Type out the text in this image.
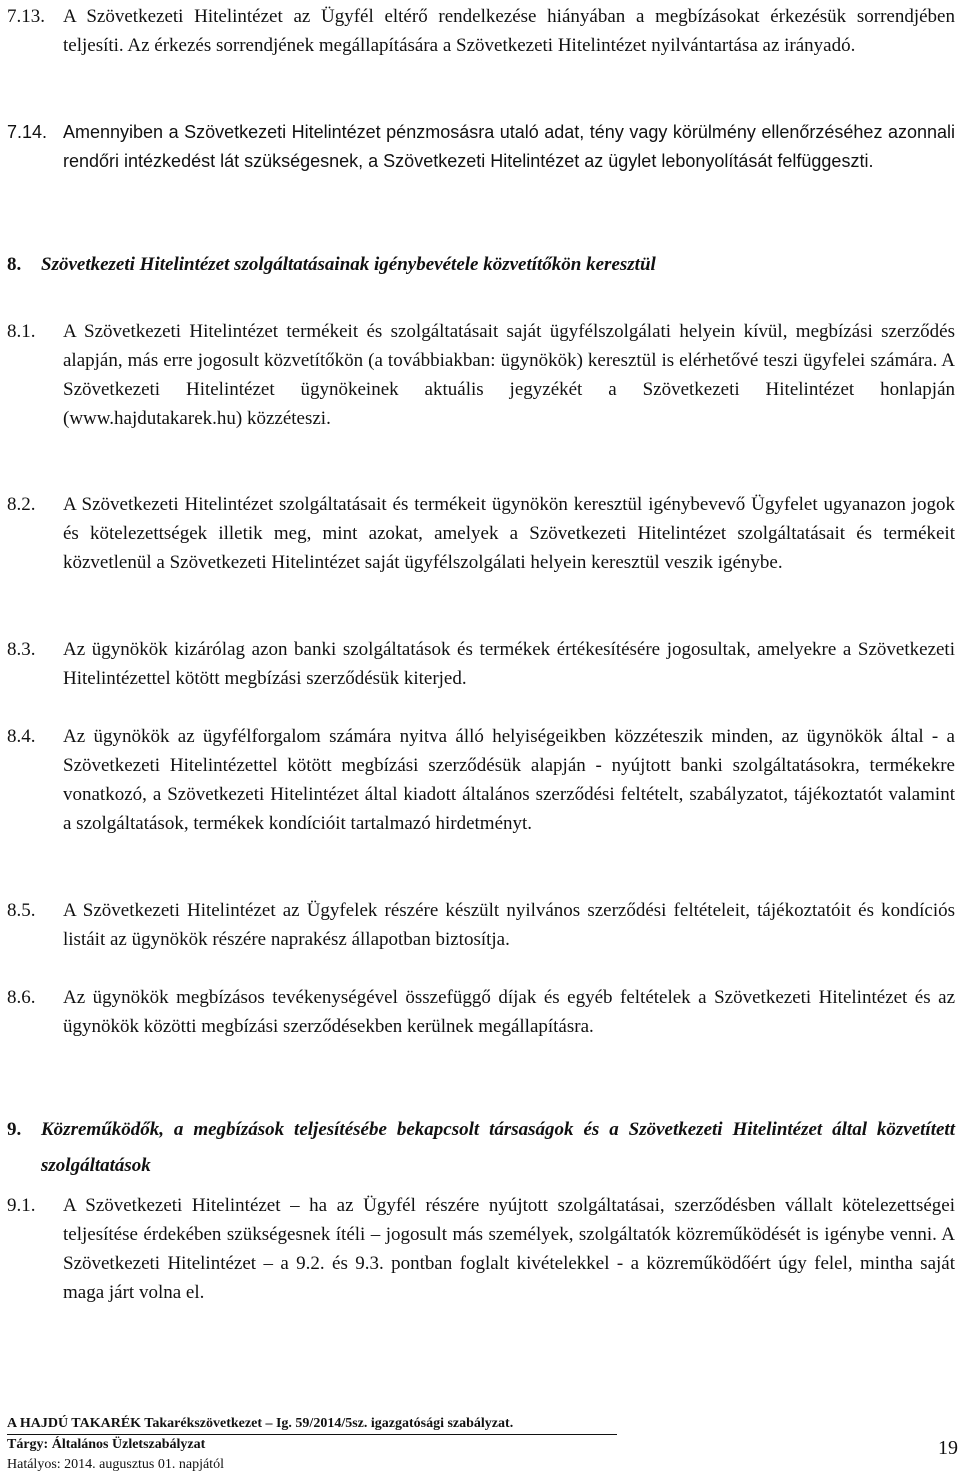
7.13. A Szövetkezeti Hitelintézet az Ügyfél eltérő rendelkezése hiányában a megbízásokat érkezésük sorrendjében teljesíti. Az érkezés sorrendjének megállapítására a Szövetkezeti Hitelintézet nyilvántartása az irányadó.
7.14. Amennyiben a Szövetkezeti Hitelintézet pénzmosásra utaló adat, tény vagy körülmény ellenőrzéséhez azonnali rendőri intézkedést lát szükségesnek, a Szövetkezeti Hitelintézet az ügylet lebonyolítását felfüggeszti.
8. Szövetkezeti Hitelintézet szolgáltatásainak igénybevétele közvetítőkön keresztül
8.1. A Szövetkezeti Hitelintézet termékeit és szolgáltatásait saját ügyfélszolgálati helyein kívül, megbízási szerződés alapján, más erre jogosult közvetítőkön (a továbbiakban: ügynökök) keresztül is elérhetővé teszi ügyfelei számára. A Szövetkezeti Hitelintézet ügynökeinek aktuális jegyzékét a Szövetkezeti Hitelintézet honlapján (www.hajdutakarek.hu) közzéteszi.
8.2. A Szövetkezeti Hitelintézet szolgáltatásait és termékeit ügynökön keresztül igénybevevő Ügyfelet ugyanazon jogok és kötelezettségek illetik meg, mint azokat, amelyek a Szövetkezeti Hitelintézet szolgáltatásait és termékeit közvetlenül a Szövetkezeti Hitelintézet saját ügyfélszolgálati helyein keresztül veszik igénybe.
8.3. Az ügynökök kizárólag azon banki szolgáltatások és termékek értékesítésére jogosultak, amelyekre a Szövetkezeti Hitelintézettel kötött megbízási szerződésük kiterjed.
8.4. Az ügynökök az ügyfélforgalom számára nyitva álló helyiségeikben közzéteszik minden, az ügynökök által - a Szövetkezeti Hitelintézettel kötött megbízási szerződésük alapján - nyújtott banki szolgáltatásokra, termékekre vonatkozó, a Szövetkezeti Hitelintézet által kiadott általános szerződési feltételt, szabályzatot, tájékoztatót valamint a szolgáltatások, termékek kondícióit tartalmazó hirdetményt.
8.5. A Szövetkezeti Hitelintézet az Ügyfelek részére készült nyilvános szerződési feltételeit, tájékoztatóit és kondíciós listáit az ügynökök részére naprakész állapotban biztosítja.
8.6. Az ügynökök megbízásos tevékenységével összefüggő díjak és egyéb feltételek a Szövetkezeti Hitelintézet és az ügynökök közötti megbízási szerződésekben kerülnek megállapításra.
9. Közreműködők, a megbízások teljesítésébe bekapcsolt társaságok és a Szövetkezeti Hitelintézet által közvetített szolgáltatások
9.1. A Szövetkezeti Hitelintézet – ha az Ügyfél részére nyújtott szolgáltatásai, szerződésben vállalt kötelezettségei teljesítése érdekében szükségesnek ítéli – jogosult más személyek, szolgáltatók közreműködését is igénybe venni. A Szövetkezeti Hitelintézet – a 9.2. és 9.3. pontban foglalt kivételekkel - a közreműködőért úgy felel, mintha saját maga járt volna el.
A HAJDÚ TAKARÉK Takarékszövetkezet – Ig. 59/2014/5sz. igazgatósági szabályzat.
Tárgy: Általános Üzletszabályzat
Hatályos: 2014. augusztus 01. napjától
19
